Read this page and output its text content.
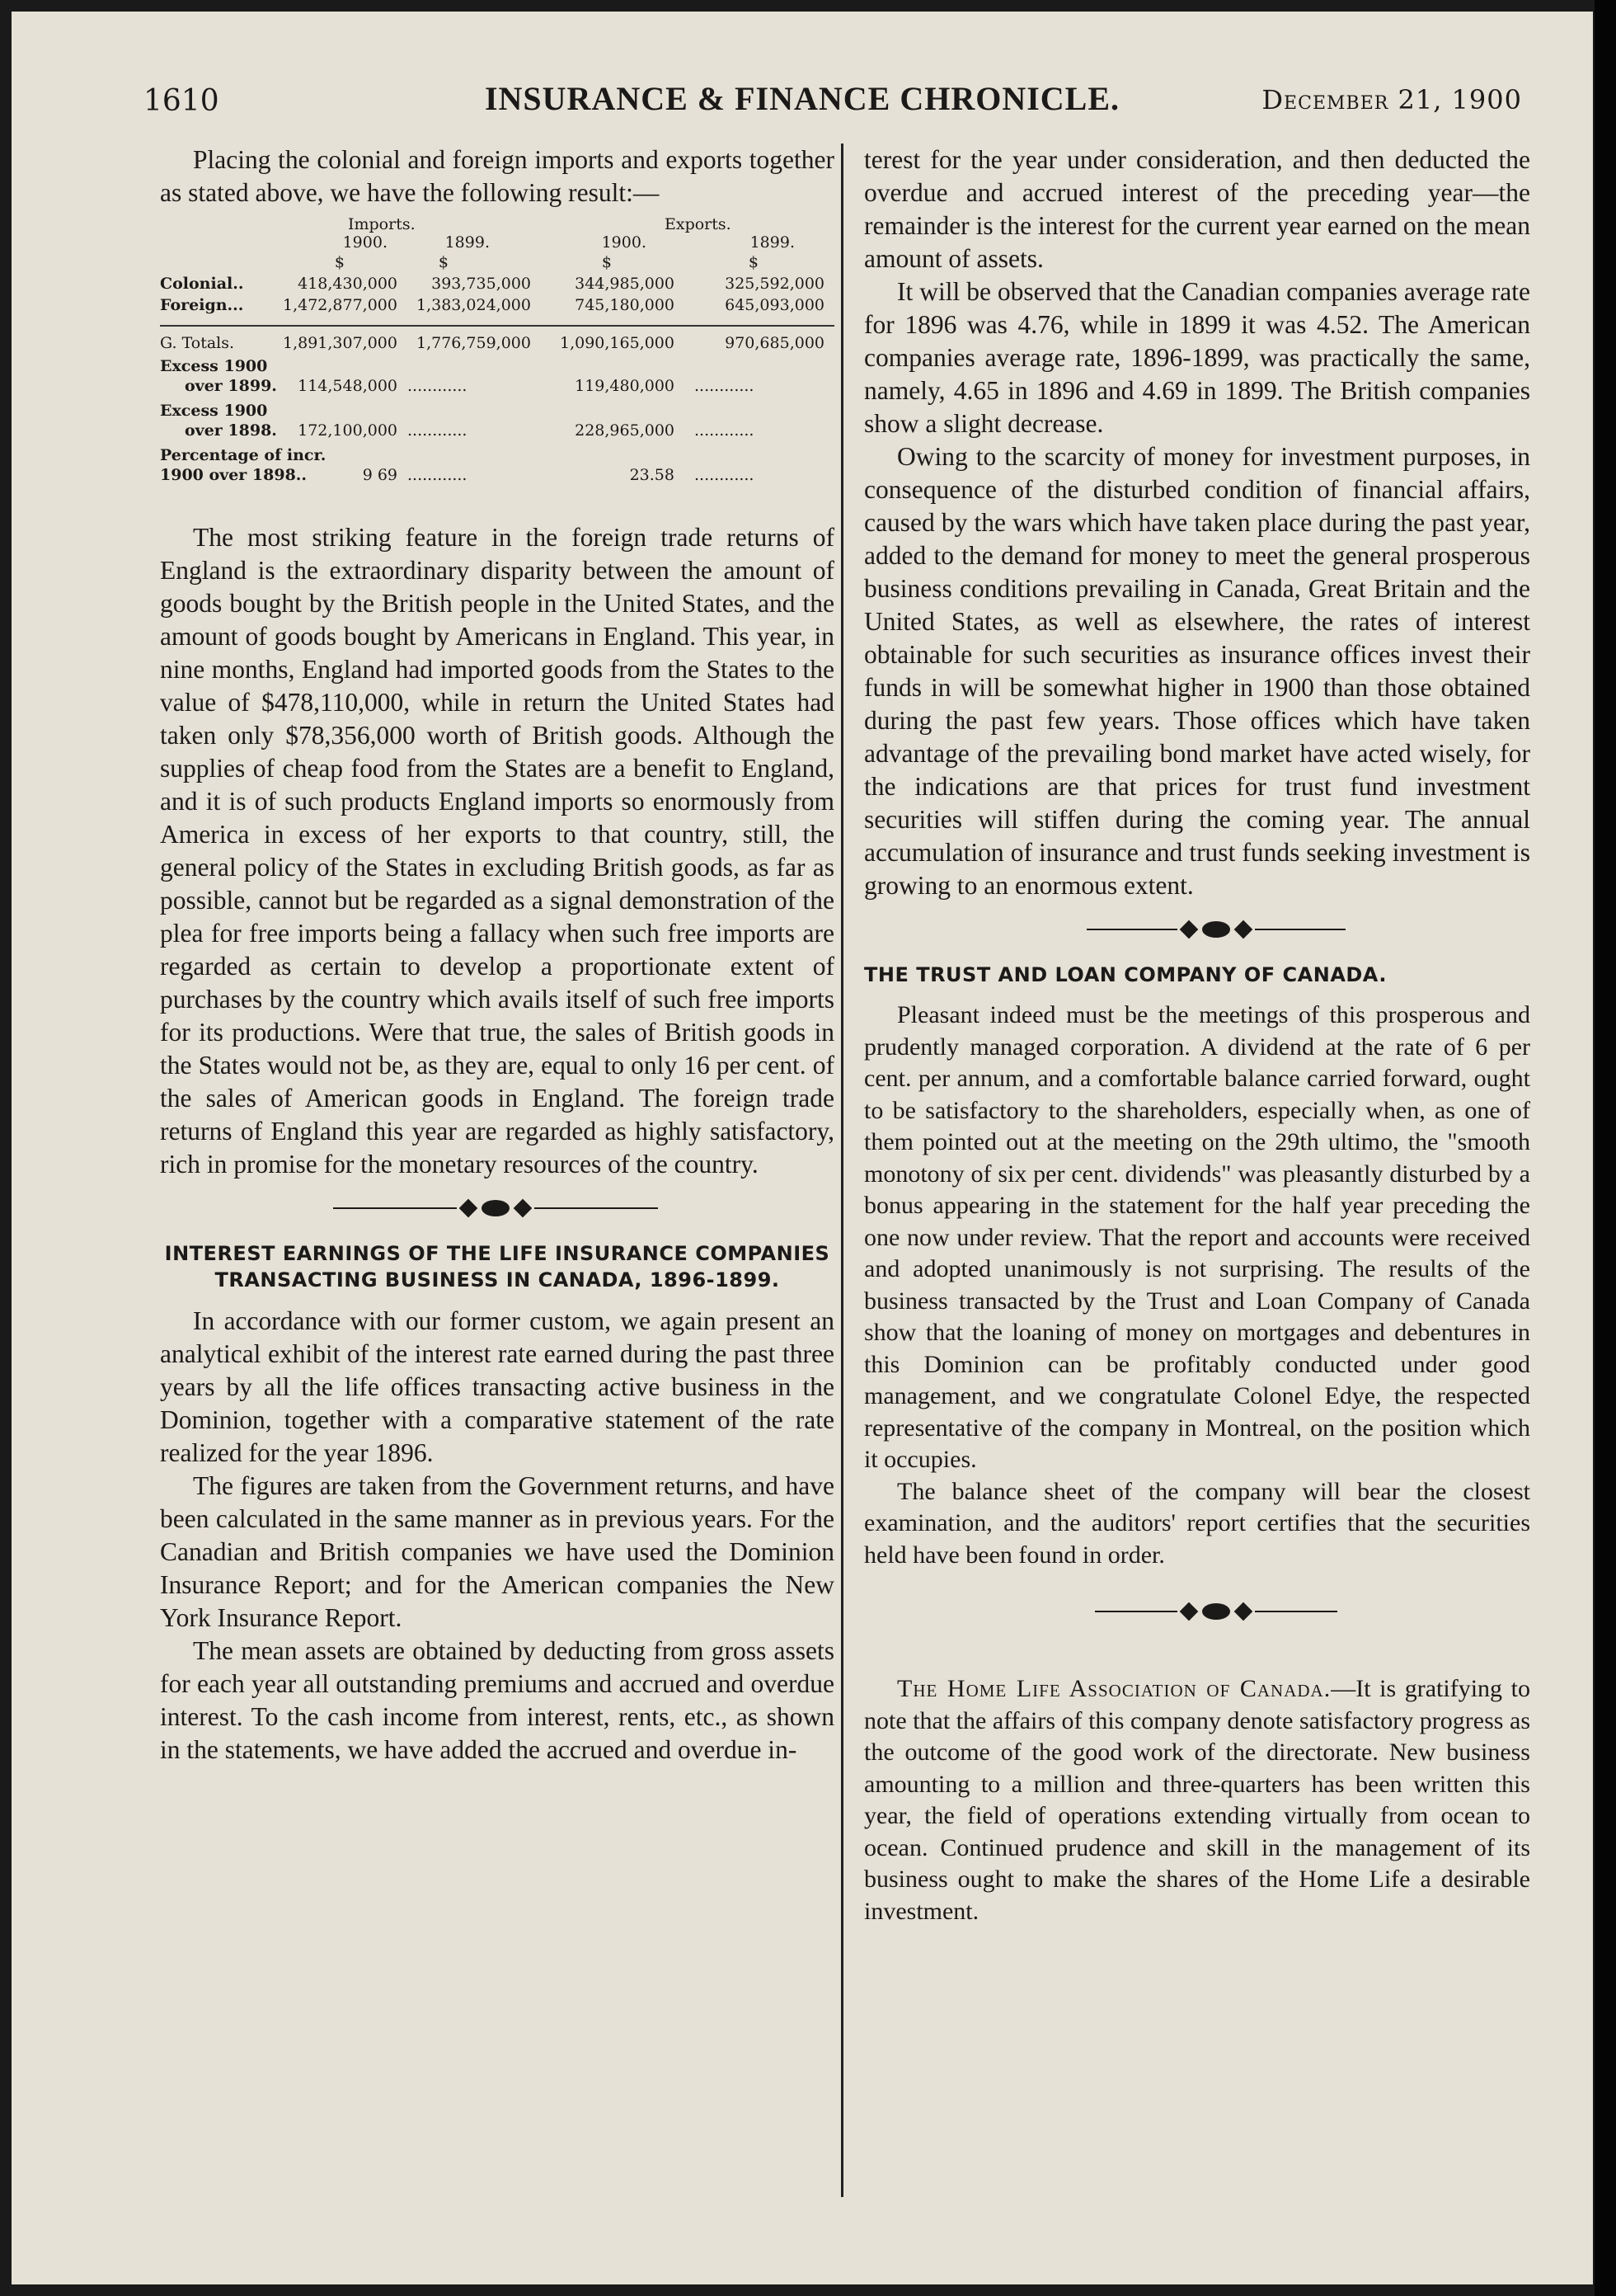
1610	INSURANCE & FINANCE CHRONICLE.	December 21, 1900

Placing the colonial and foreign imports and exports together as stated above, we have the following result:—

Imports.	Exports.
1900.	1899.	1900.	1899.
$	$	$	$
Colonial..	418,430,000	393,735,000	344,985,000	325,592,000
Foreign...	1,472,877,000	1,383,024,000	745,180,000	645,093,000
G. Totals.	1,891,307,000	1,776,759,000	1,090,165,000	970,685,000
Excess 1900
over 1899.	114,548,000 ............	119,480,000 ............
Excess 1900
over 1898.	172,100,000 ............	228,965,000 ............
Percentage of incr.
1900 over 1898..	9 69 ............	23.58 ............

The most striking feature in the foreign trade returns of England is the extraordinary disparity between the amount of goods bought by the British people in the United States, and the amount of goods bought by Americans in England. This year, in nine months, England had imported goods from the States to the value of $478,110,000, while in return the United States had taken only $78,356,000 worth of British goods. Although the supplies of cheap food from the States are a benefit to England, and it is of such products England imports so enormously from America in excess of her exports to that country, still, the general policy of the States in excluding British goods, as far as possible, cannot but be regarded as a signal demonstration of the plea for free imports being a fallacy when such free imports are regarded as certain to develop a proportionate extent of purchases by the country which avails itself of such free imports for its productions. Were that true, the sales of British goods in the States would not be, as they are, equal to only 16 per cent. of the sales of American goods in England. The foreign trade returns of England this year are regarded as highly satisfactory, rich in promise for the monetary resources of the country.

INTEREST EARNINGS OF THE LIFE INSURANCE COMPANIES TRANSACTING BUSINESS IN CANADA, 1896-1899.

In accordance with our former custom, we again present an analytical exhibit of the interest rate earned during the past three years by all the life offices transacting active business in the Dominion, together with a comparative statement of the rate realized for the year 1896.

The figures are taken from the Government returns, and have been calculated in the same manner as in previous years. For the Canadian and British companies we have used the Dominion Insurance Report; and for the American companies the New York Insurance Report.

The mean assets are obtained by deducting from gross assets for each year all outstanding premiums and accrued and overdue interest. To the cash income from interest, rents, etc., as shown in the statements, we have added the accrued and overdue in-

terest for the year under consideration, and then deducted the overdue and accrued interest of the preceding year—the remainder is the interest for the current year earned on the mean amount of assets.

It will be observed that the Canadian companies average rate for 1896 was 4.76, while in 1899 it was 4.52. The American companies average rate, 1896-1899, was practically the same, namely, 4.65 in 1896 and 4.69 in 1899. The British companies show a slight decrease.

Owing to the scarcity of money for investment purposes, in consequence of the disturbed condition of financial affairs, caused by the wars which have taken place during the past year, added to the demand for money to meet the general prosperous business conditions prevailing in Canada, Great Britain and the United States, as well as elsewhere, the rates of interest obtainable for such securities as insurance offices invest their funds in will be somewhat higher in 1900 than those obtained during the past few years. Those offices which have taken advantage of the prevailing bond market have acted wisely, for the indications are that prices for trust fund investment securities will stiffen during the coming year. The annual accumulation of insurance and trust funds seeking investment is growing to an enormous extent.

THE TRUST AND LOAN COMPANY OF CANADA.

Pleasant indeed must be the meetings of this prosperous and prudently managed corporation. A dividend at the rate of 6 per cent. per annum, and a comfortable balance carried forward, ought to be satisfactory to the shareholders, especially when, as one of them pointed out at the meeting on the 29th ultimo, the "smooth monotony of six per cent. dividends" was pleasantly disturbed by a bonus appearing in the statement for the half year preceding the one now under review. That the report and accounts were received and adopted unanimously is not surprising. The results of the business transacted by the Trust and Loan Company of Canada show that the loaning of money on mortgages and debentures in this Dominion can be profitably conducted under good management, and we congratulate Colonel Edye, the respected representative of the company in Montreal, on the position which it occupies.

The balance sheet of the company will bear the closest examination, and the auditors' report certifies that the securities held have been found in order.

The Home Life Association of Canada.—It is gratifying to note that the affairs of this company denote satisfactory progress as the outcome of the good work of the directorate. New business amounting to a million and three-quarters has been written this year, the field of operations extending virtually from ocean to ocean. Continued prudence and skill in the management of its business ought to make the shares of the Home Life a desirable investment.
